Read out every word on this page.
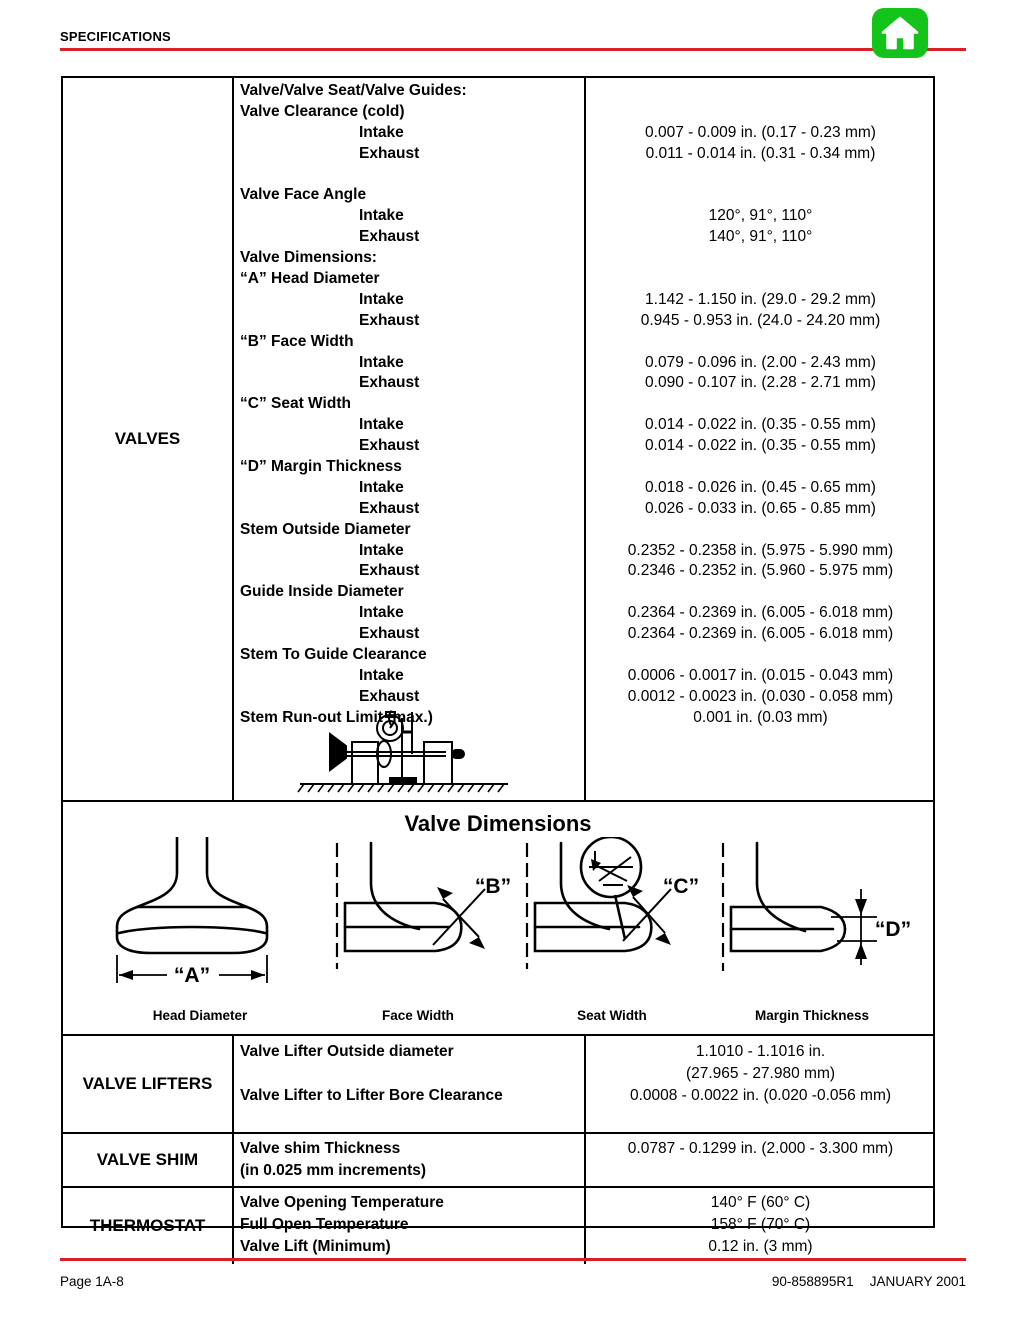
SPECIFICATIONS
VALVES
Valve/Valve Seat/Valve Guides:
Valve Clearance (cold)
Intake
Exhaust

Valve Face Angle
Intake
Exhaust
Valve Dimensions:
“A” Head Diameter
Intake
Exhaust
“B” Face Width
Intake
Exhaust
“C” Seat Width
Intake
Exhaust
“D” Margin Thickness
Intake
Exhaust
Stem Outside Diameter
Intake
Exhaust
Guide Inside Diameter
Intake
Exhaust
Stem To Guide Clearance
Intake
Exhaust
Stem Run-out Limit (max.)

0.007 - 0.009 in. (0.17 - 0.23 mm)
0.011 - 0.014 in. (0.31 - 0.34 mm)

120°, 91°, 110°
140°, 91°, 110°

1.142 - 1.150 in. (29.0 - 29.2 mm)
0.945 - 0.953 in. (24.0 - 24.20 mm)

0.079 - 0.096 in. (2.00 - 2.43 mm)
0.090 - 0.107 in. (2.28 - 2.71 mm)

0.014 - 0.022 in. (0.35 - 0.55 mm)
0.014 - 0.022 in. (0.35 - 0.55 mm)

0.018 - 0.026 in. (0.45 - 0.65 mm)
0.026 - 0.033 in. (0.65 - 0.85 mm)

0.2352 - 0.2358 in. (5.975 - 5.990 mm)
0.2346 - 0.2352 in. (5.960 - 5.975 mm)

0.2364 - 0.2369 in. (6.005 - 6.018 mm)
0.2364 - 0.2369 in. (6.005 - 6.018 mm)

0.0006 - 0.0017 in. (0.015 - 0.043 mm)
0.0012 - 0.0023 in. (0.030 - 0.058 mm)
0.001 in. (0.03 mm)
Valve Dimensions
“A”
Head Diameter
“B”
Face Width
“C”
Seat Width
“D”
Margin Thickness
VALVE LIFTERS
Valve Lifter Outside diameter

Valve Lifter to Lifter Bore Clearance
1.1010 - 1.1016 in.
(27.965 - 27.980 mm)
0.0008 - 0.0022 in. (0.020 -0.056 mm)
VALVE SHIM
Valve shim Thickness
(in 0.025 mm increments)
0.0787 - 0.1299 in. (2.000 - 3.300 mm)

THERMOSTAT
Valve Opening Temperature
Full Open Temperature
Valve Lift (Minimum)
140° F (60° C)
158° F (70° C)
0.12 in. (3 mm)
Page 1A-8	90-858895R1 JANUARY 2001
